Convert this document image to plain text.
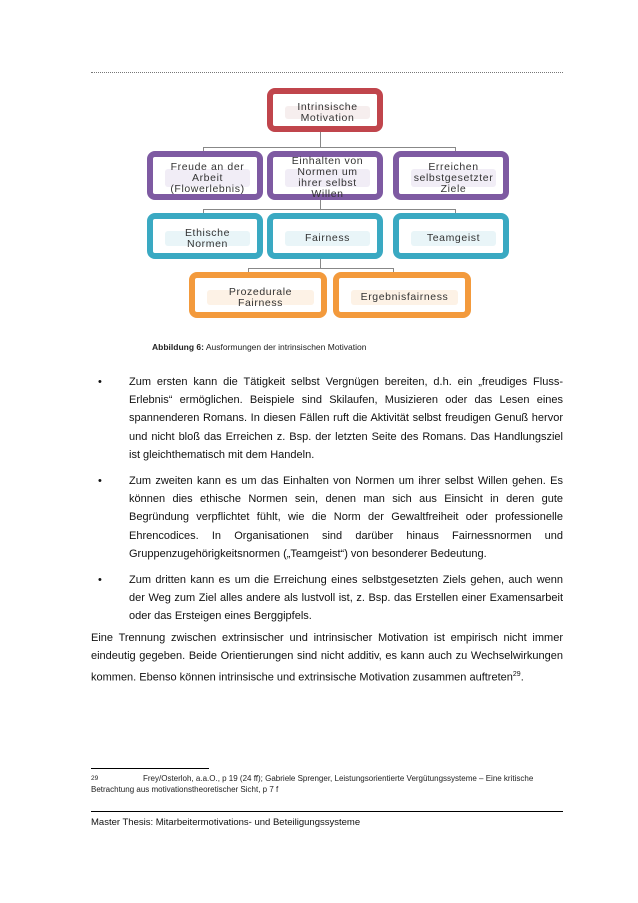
Intrinsische
Motivation
Freude an der
Arbeit
(Flowerlebnis)
Einhalten von
Normen um
ihrer selbst
Willen
Erreichen
selbstgesetzter
Ziele
Ethische
Normen	Fairness	Teamgeist
Prozedurale
Fairness	Ergebnisfairness
Abbildung 6: Ausformungen der intrinsischen Motivation
• Zum ersten kann die Tätigkeit selbst Vergnügen bereiten, d.h. ein „freudiges Fluss-Erlebnis“ ermöglichen. Beispiele sind Skilaufen, Musizieren oder das Lesen eines spannenderen Romans. In diesen Fällen ruft die Aktivität selbst freudigen Genuß hervor und nicht bloß das Erreichen z. Bsp. der letzten Seite des Romans. Das Handlungsziel ist gleichthematisch mit dem Handeln.
• Zum zweiten kann es um das Einhalten von Normen um ihrer selbst Willen gehen. Es können dies ethische Normen sein, denen man sich aus Einsicht in deren gute Begründung verpflichtet fühlt, wie die Norm der Gewaltfreiheit oder professionelle Ehrencodices. In Organisationen sind darüber hinaus Fairnessnormen und Gruppenzugehörigkeitsnormen („Teamgeist“) von besonderer Bedeutung.
• Zum dritten kann es um die Erreichung eines selbstgesetzten Ziels gehen, auch wenn der Weg zum Ziel alles andere als lustvoll ist, z. Bsp. das Erstellen einer Examensarbeit oder das Ersteigen eines Berggipfels.

Eine Trennung zwischen extrinsischer und intrinsischer Motivation ist empirisch nicht immer eindeutig gegeben. Beide Orientierungen sind nicht additiv, es kann auch zu Wechselwirkungen kommen. Ebenso können intrinsische und extrinsische Motivation zusammen auftreten$^{29}$.

29	Frey/Osterloh, a.a.O., p 19 (24 ff); Gabriele Sprenger, Leistungsorientierte Vergütungssysteme – Eine kritische Betrachtung aus motivationstheoretischer Sicht, p 7 f
Master Thesis: Mitarbeitermotivations- und Beteiligungssysteme
